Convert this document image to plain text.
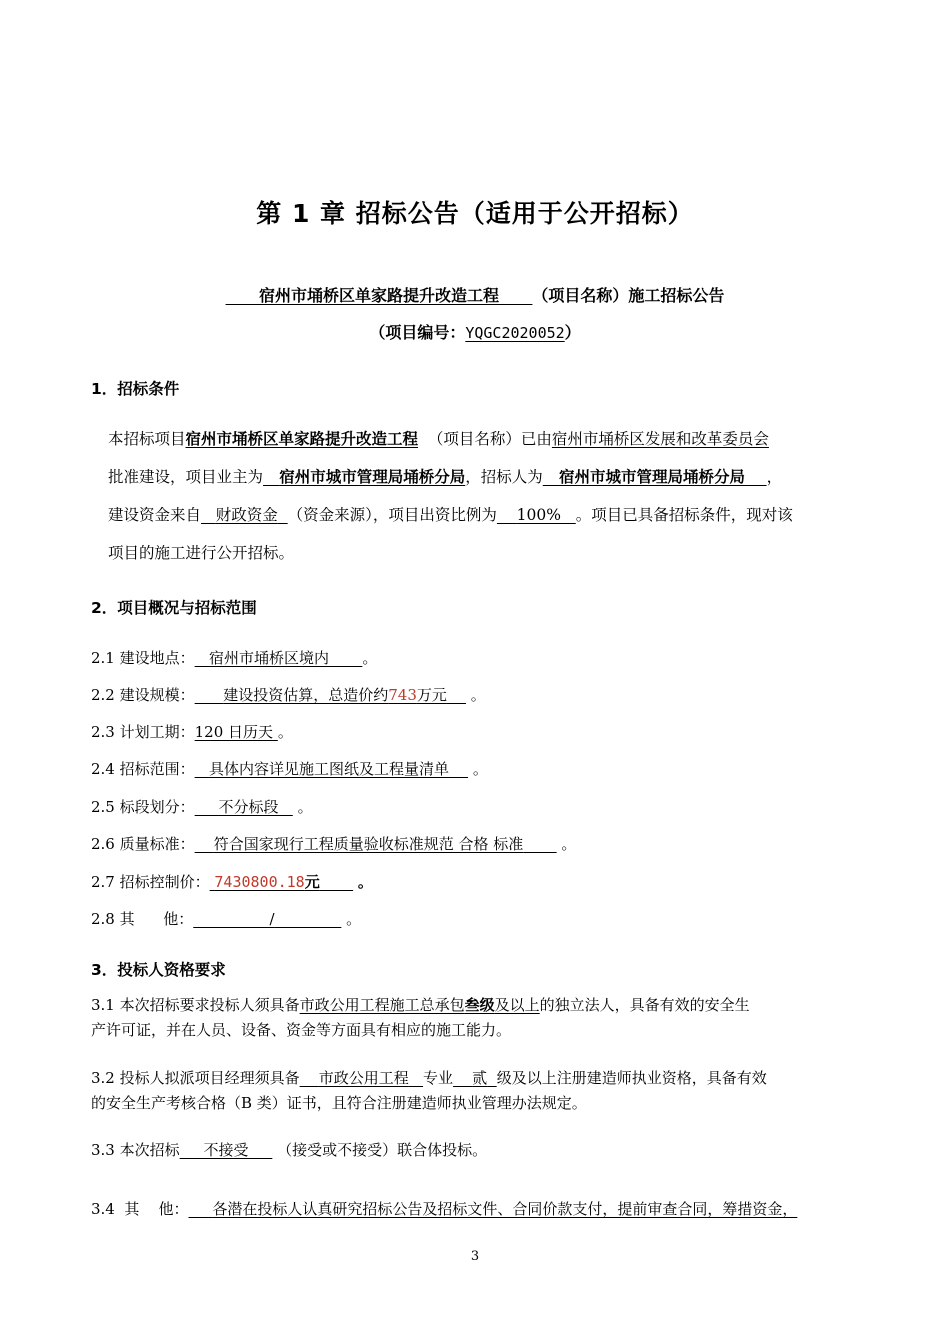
第 1 章 招标公告（适用于公开招标）
宿州市埇桥区单家路提升改造工程 （项目名称）施工招标公告
（项目编号：YQGC2020052）
1．招标条件
本招标项目宿州市埇桥区单家路提升改造工程 （项目名称）已由宿州市埇桥区发展和改革委员会
批准建设，项目业主为 宿州市城市管理局埇桥分局，招标人为 宿州市城市管理局埇桥分局 ，
建设资金来自 财政资金 （资金来源），项目出资比例为 100% 。项目已具备招标条件，现对该
项目的施工进行公开招标。
2．项目概况与招标范围
2.1 建设地点： 宿州市埇桥区境内 。
2.2 建设规模： 建设投资估算，总造价约743万元 。
2.3 计划工期：120 日历天 。
2.4 招标范围： 具体内容详见施工图纸及工程量清单 。
2.5 标段划分： 不分标段 。
2.6 质量标准： 符合国家现行工程质量验收标准规范 合格 标准	。
2.7 招标控制价： 7430800.18元	。
2.8 其      他：	/	。
3．投标人资格要求
3.1 本次招标要求投标人须具备市政公用工程施工总承包叁级及以上的独立法人，具备有效的安全生
产许可证，并在人员、设备、资金等方面具有相应的施工能力。
3.2 投标人拟派项目经理须具备 市政公用工程 专业 贰 级及以上注册建造师执业资格，具备有效
的安全生产考核合格（B 类）证书，且符合注册建造师执业管理办法规定。
3.3 本次招标 不接受 （接受或不接受）联合体投标。
3.4  其    他： 各潜在投标人认真研究招标公告及招标文件、合同价款支付，提前审查合同，筹措资金，
3
